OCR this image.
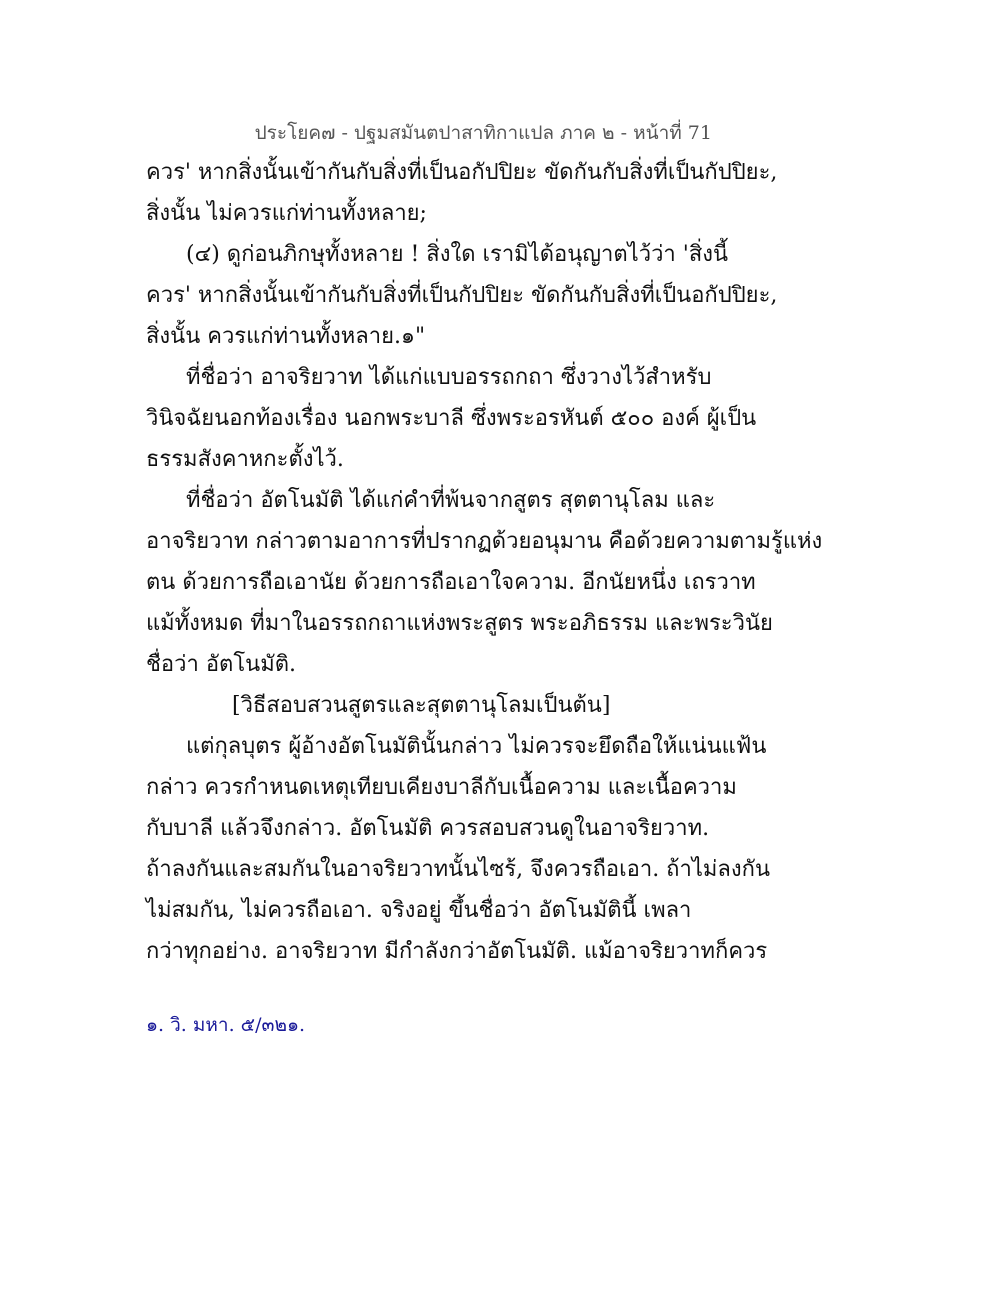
ประโยค๗ - ปฐมสมันตปาสาทิกาแปล ภาค ๒ - หน้าที่ 71
ควร' หากสิ่งนั้นเข้ากันกับสิ่งที่เป็นอกัปปิยะ ขัดกันกับสิ่งที่เป็นกัปปิยะ,
สิ่งนั้น ไม่ควรแก่ท่านทั้งหลาย;
(๔) ดูก่อนภิกษุทั้งหลาย ! สิ่งใด เรามิได้อนุญาตไว้ว่า 'สิ่งนี้
ควร' หากสิ่งนั้นเข้ากันกับสิ่งที่เป็นกัปปิยะ ขัดกันกับสิ่งที่เป็นอกัปปิยะ,
สิ่งนั้น ควรแก่ท่านทั้งหลาย.๑"
ที่ชื่อว่า อาจริยวาท ได้แก่แบบอรรถกถา ซึ่งวางไว้สำหรับ
วินิจฉัยนอกท้องเรื่อง นอกพระบาลี ซึ่งพระอรหันต์ ๕๐๐ องค์ ผู้เป็น
ธรรมสังคาหกะตั้งไว้.
ที่ชื่อว่า อัตโนมัติ ได้แก่คำที่พ้นจากสูตร สุตตานุโลม และ
อาจริยวาท กล่าวตามอาการที่ปรากฏด้วยอนุมาน คือด้วยความตามรู้แห่ง
ตน ด้วยการถือเอานัย ด้วยการถือเอาใจความ. อีกนัยหนึ่ง เถรวาท
แม้ทั้งหมด ที่มาในอรรถกถาแห่งพระสูตร พระอภิธรรม และพระวินัย
ชื่อว่า อัตโนมัติ.
[วิธีสอบสวนสูตรและสุตตานุโลมเป็นต้น]
แต่กุลบุตร ผู้อ้างอัตโนมัตินั้นกล่าว ไม่ควรจะยึดถือให้แน่นแฟ้น
กล่าว ควรกำหนดเหตุเทียบเคียงบาลีกับเนื้อความ และเนื้อความ
กับบาลี แล้วจึงกล่าว. อัตโนมัติ ควรสอบสวนดูในอาจริยวาท.
ถ้าลงกันและสมกันในอาจริยวาทนั้นไซร้, จึงควรถือเอา. ถ้าไม่ลงกัน
ไม่สมกัน, ไม่ควรถือเอา. จริงอยู่ ขึ้นชื่อว่า อัตโนมัตินี้ เพลา
กว่าทุกอย่าง. อาจริยวาท มีกำลังกว่าอัตโนมัติ. แม้อาจริยวาทก็ควร
๑. วิ. มหา. ๕/๓๒๑.
